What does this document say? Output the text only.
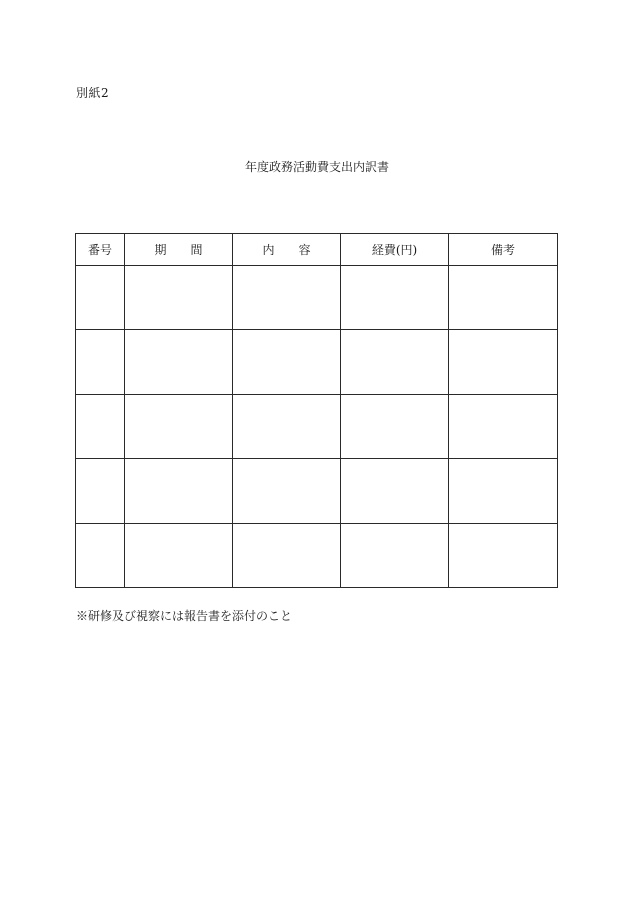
別紙2
年度政務活動費支出内訳書
番号	期　　間	内　　容	経費(円)	備考

※研修及び視察には報告書を添付のこと
